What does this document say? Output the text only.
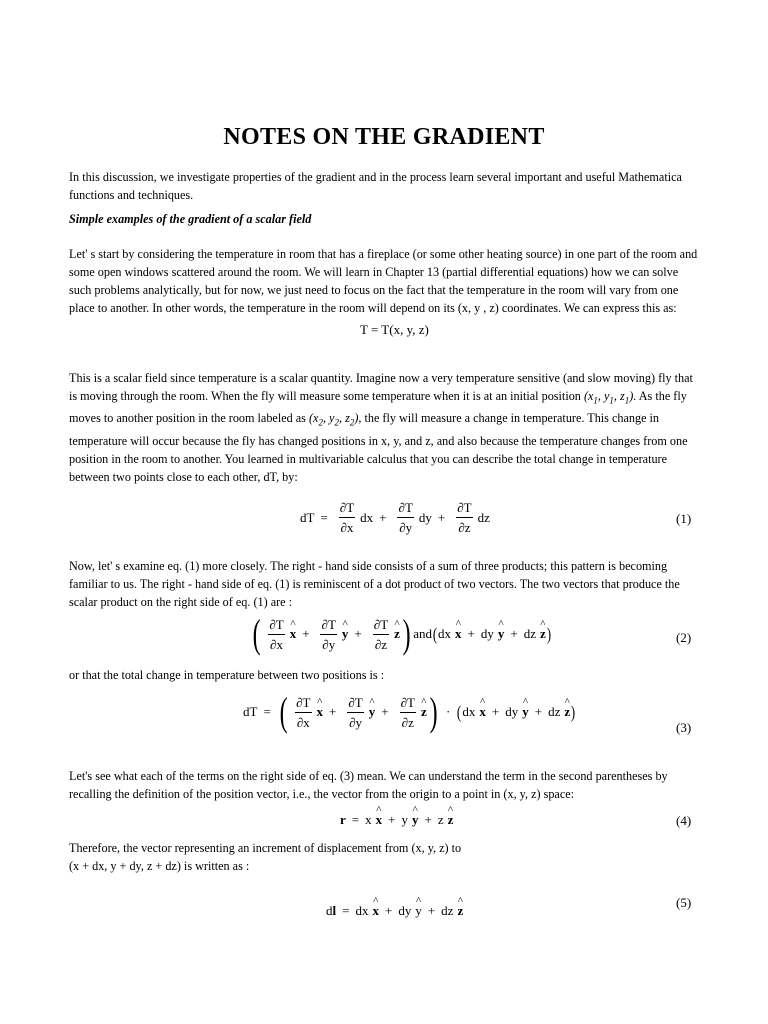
NOTES ON THE GRADIENT

In this discussion, we investigate properties of the gradient and in the process learn several important and useful Mathematica functions and techniques.

Simple examples of the gradient of a scalar field

Let' s start by considering the temperature in room that has a fireplace (or some other heating source) in one part of the room and some open windows scattered around the room. We will learn in Chapter 13 (partial differential equations) how we can solve such problems analytically, but for now, we just need to focus on the fact that the temperature in the room will vary from one place to another. In other words, the temperature in the room will depend on its (x, y , z) coordinates. We can express this as:

T = T(x, y, z)

This is a scalar field since temperature is a scalar quantity. Imagine now a very temperature sensitive (and slow moving) fly that is moving through the room. When the fly will measure some temperature when it is at an initial position ($x_1$, $y_1$, $z_1$). As the fly moves to another position in the room labeled as ($x_2$, $y_2$, $z_2$), the fly will measure a change in temperature. This change in temperature will occur because the fly has changed positions in x, y, and z, and also because the temperature changes from one position in the room to another. You learned in multivariable calculus that you can describe the total change in temperature between two points close to each other, dT, by:

dT = $\frac{\partial T}{\partial x}$ dx + $\frac{\partial T}{\partial y}$ dy + $\frac{\partial T}{\partial z}$ dz	(1)

Now, let' s examine eq. (1) more closely. The right - hand side consists of a sum of three products; this pattern is becoming familiar to us. The right - hand side of eq. (1) is reminiscent of a dot product of two vectors. The two vectors that produce the scalar product on the right side of eq. (1) are :

( $\frac{\partial T}{\partial x}$ ^ $x + \frac{\partial T}{\partial y}$ ^ $y + \frac{\partial T}{\partial z}$ ^ z ) and ( dx ^ x + dy ^ y + dz ^ z )	(2)

or that the total change in temperature between two positions is :

dT = ( $\frac{\partial T}{\partial x}$ ^ $x + \frac{\partial T}{\partial y}$ ^ $y + \frac{\partial T}{\partial z}$ ^ z ) · ( dx ^ x + dy ^ y + dz ^ z )
(3)

Let's see what each of the terms on the right side of eq. (3) mean. We can understand the term in the second parentheses by recalling the definition of the position vector, i.e., the vector from the origin to a point in (x, y, z) space:

r = x ^ x + y ^ y + z ^ z	(4)

Therefore, the vector representing an increment of displacement from (x, y, z) to
(x + dx, y + dy, z + dz) is written as :

d l = dx ^ x + dy ^ y + dz ^ z
(5)
